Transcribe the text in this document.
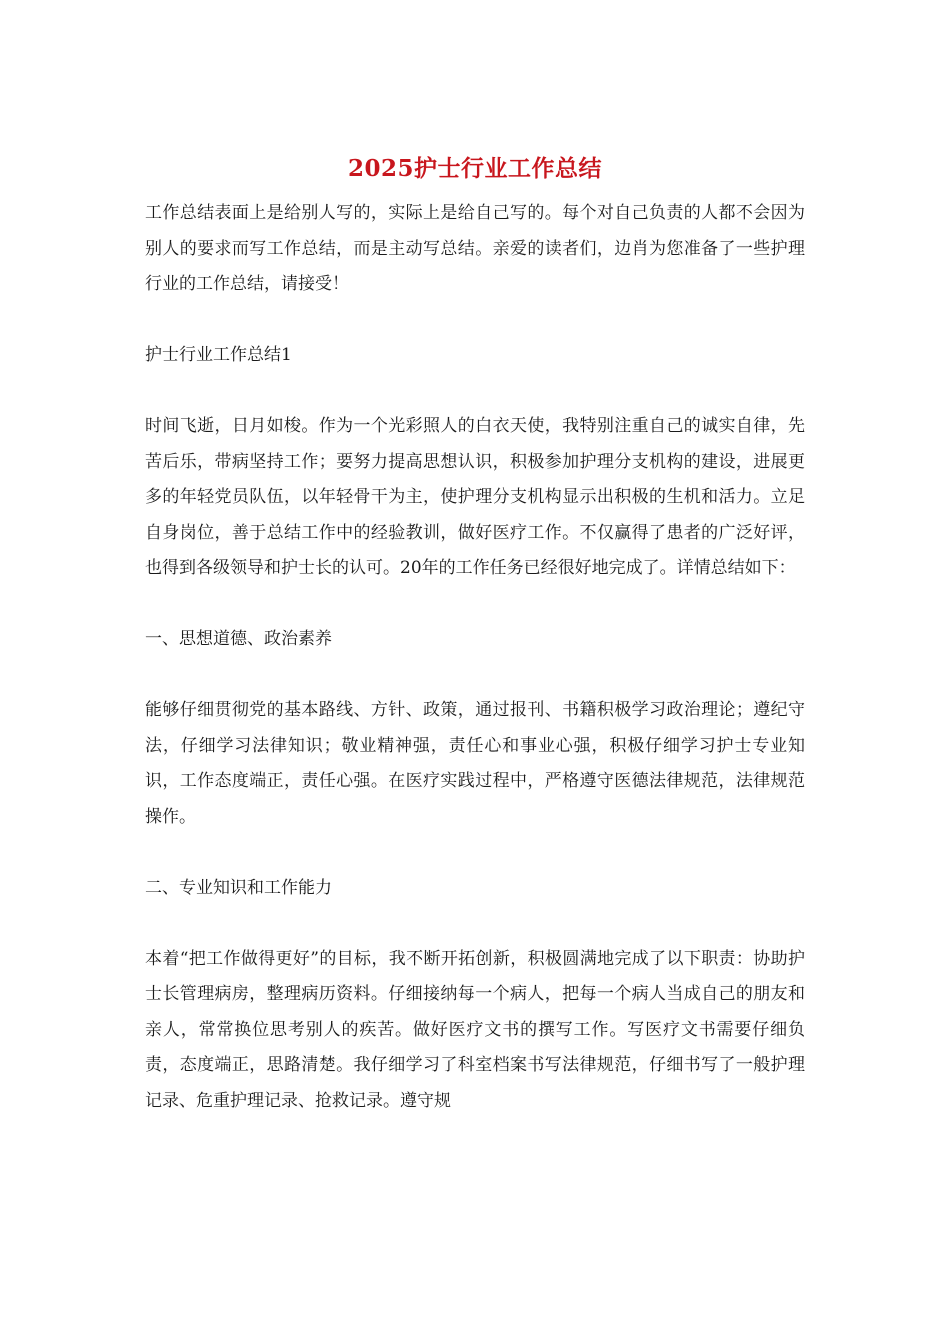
2025护士行业工作总结

工作总结表面上是给别人写的，实际上是给自己写的。每个对自己负责的人都不会因为别人的要求而写工作总结，而是主动写总结。亲爱的读者们，边肖为您准备了一些护理行业的工作总结，请接受！

护士行业工作总结1

时间飞逝，日月如梭。作为一个光彩照人的白衣天使，我特别注重自己的诚实自律，先苦后乐，带病坚持工作；要努力提高思想认识，积极参加护理分支机构的建设，进展更多的年轻党员队伍，以年轻骨干为主，使护理分支机构显示出积极的生机和活力。立足自身岗位，善于总结工作中的经验教训，做好医疗工作。不仅赢得了患者的广泛好评，也得到各级领导和护士长的认可。20年的工作任务已经很好地完成了。详情总结如下：

一、思想道德、政治素养

能够仔细贯彻党的基本路线、方针、政策，通过报刊、书籍积极学习政治理论；遵纪守法，仔细学习法律知识；敬业精神强，责任心和事业心强，积极仔细学习护士专业知识，工作态度端正，责任心强。在医疗实践过程中，严格遵守医德法律规范，法律规范操作。

二、专业知识和工作能力

本着“把工作做得更好”的目标，我不断开拓创新，积极圆满地完成了以下职责：协助护士长管理病房，整理病历资料。仔细接纳每一个病人，把每一个病人当成自己的朋友和亲人，常常换位思考别人的疾苦。做好医疗文书的撰写工作。写医疗文书需要仔细负责，态度端正，思路清楚。我仔细学习了科室档案书写法律规范，仔细书写了一般护理记录、危重护理记录、抢救记录。遵守规
